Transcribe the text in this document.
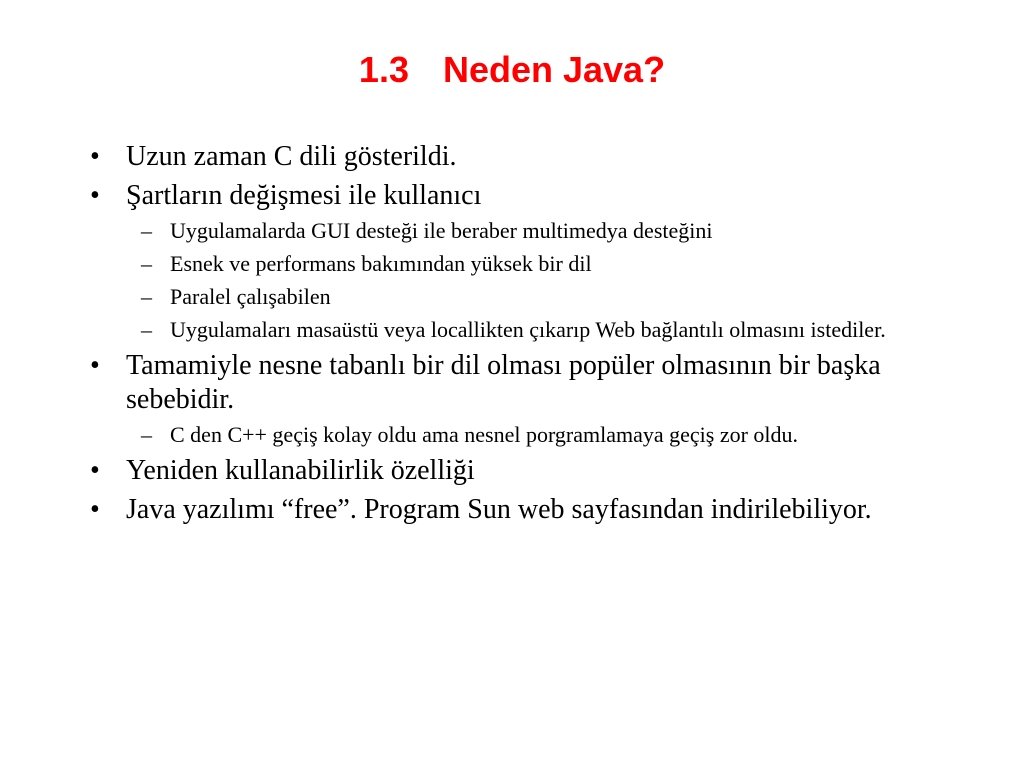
1.3 Neden Java?
• Uzun zaman C dili gösterildi.
• Şartların değişmesi ile kullanıcı
– Uygulamalarda GUI desteği ile beraber multimedya desteğini
– Esnek ve performans bakımından yüksek bir dil
– Paralel çalışabilen
– Uygulamaları masaüstü veya locallikten çıkarıp Web bağlantılı olmasını istediler.
• Tamamiyle nesne tabanlı bir dil olması popüler olmasının bir başka sebebidir.
– C den C++ geçiş kolay oldu ama nesnel porgramlamaya geçiş zor oldu.
• Yeniden kullanabilirlik özelliği
• Java yazılımı “free”. Program Sun web sayfasından indirilebiliyor.
